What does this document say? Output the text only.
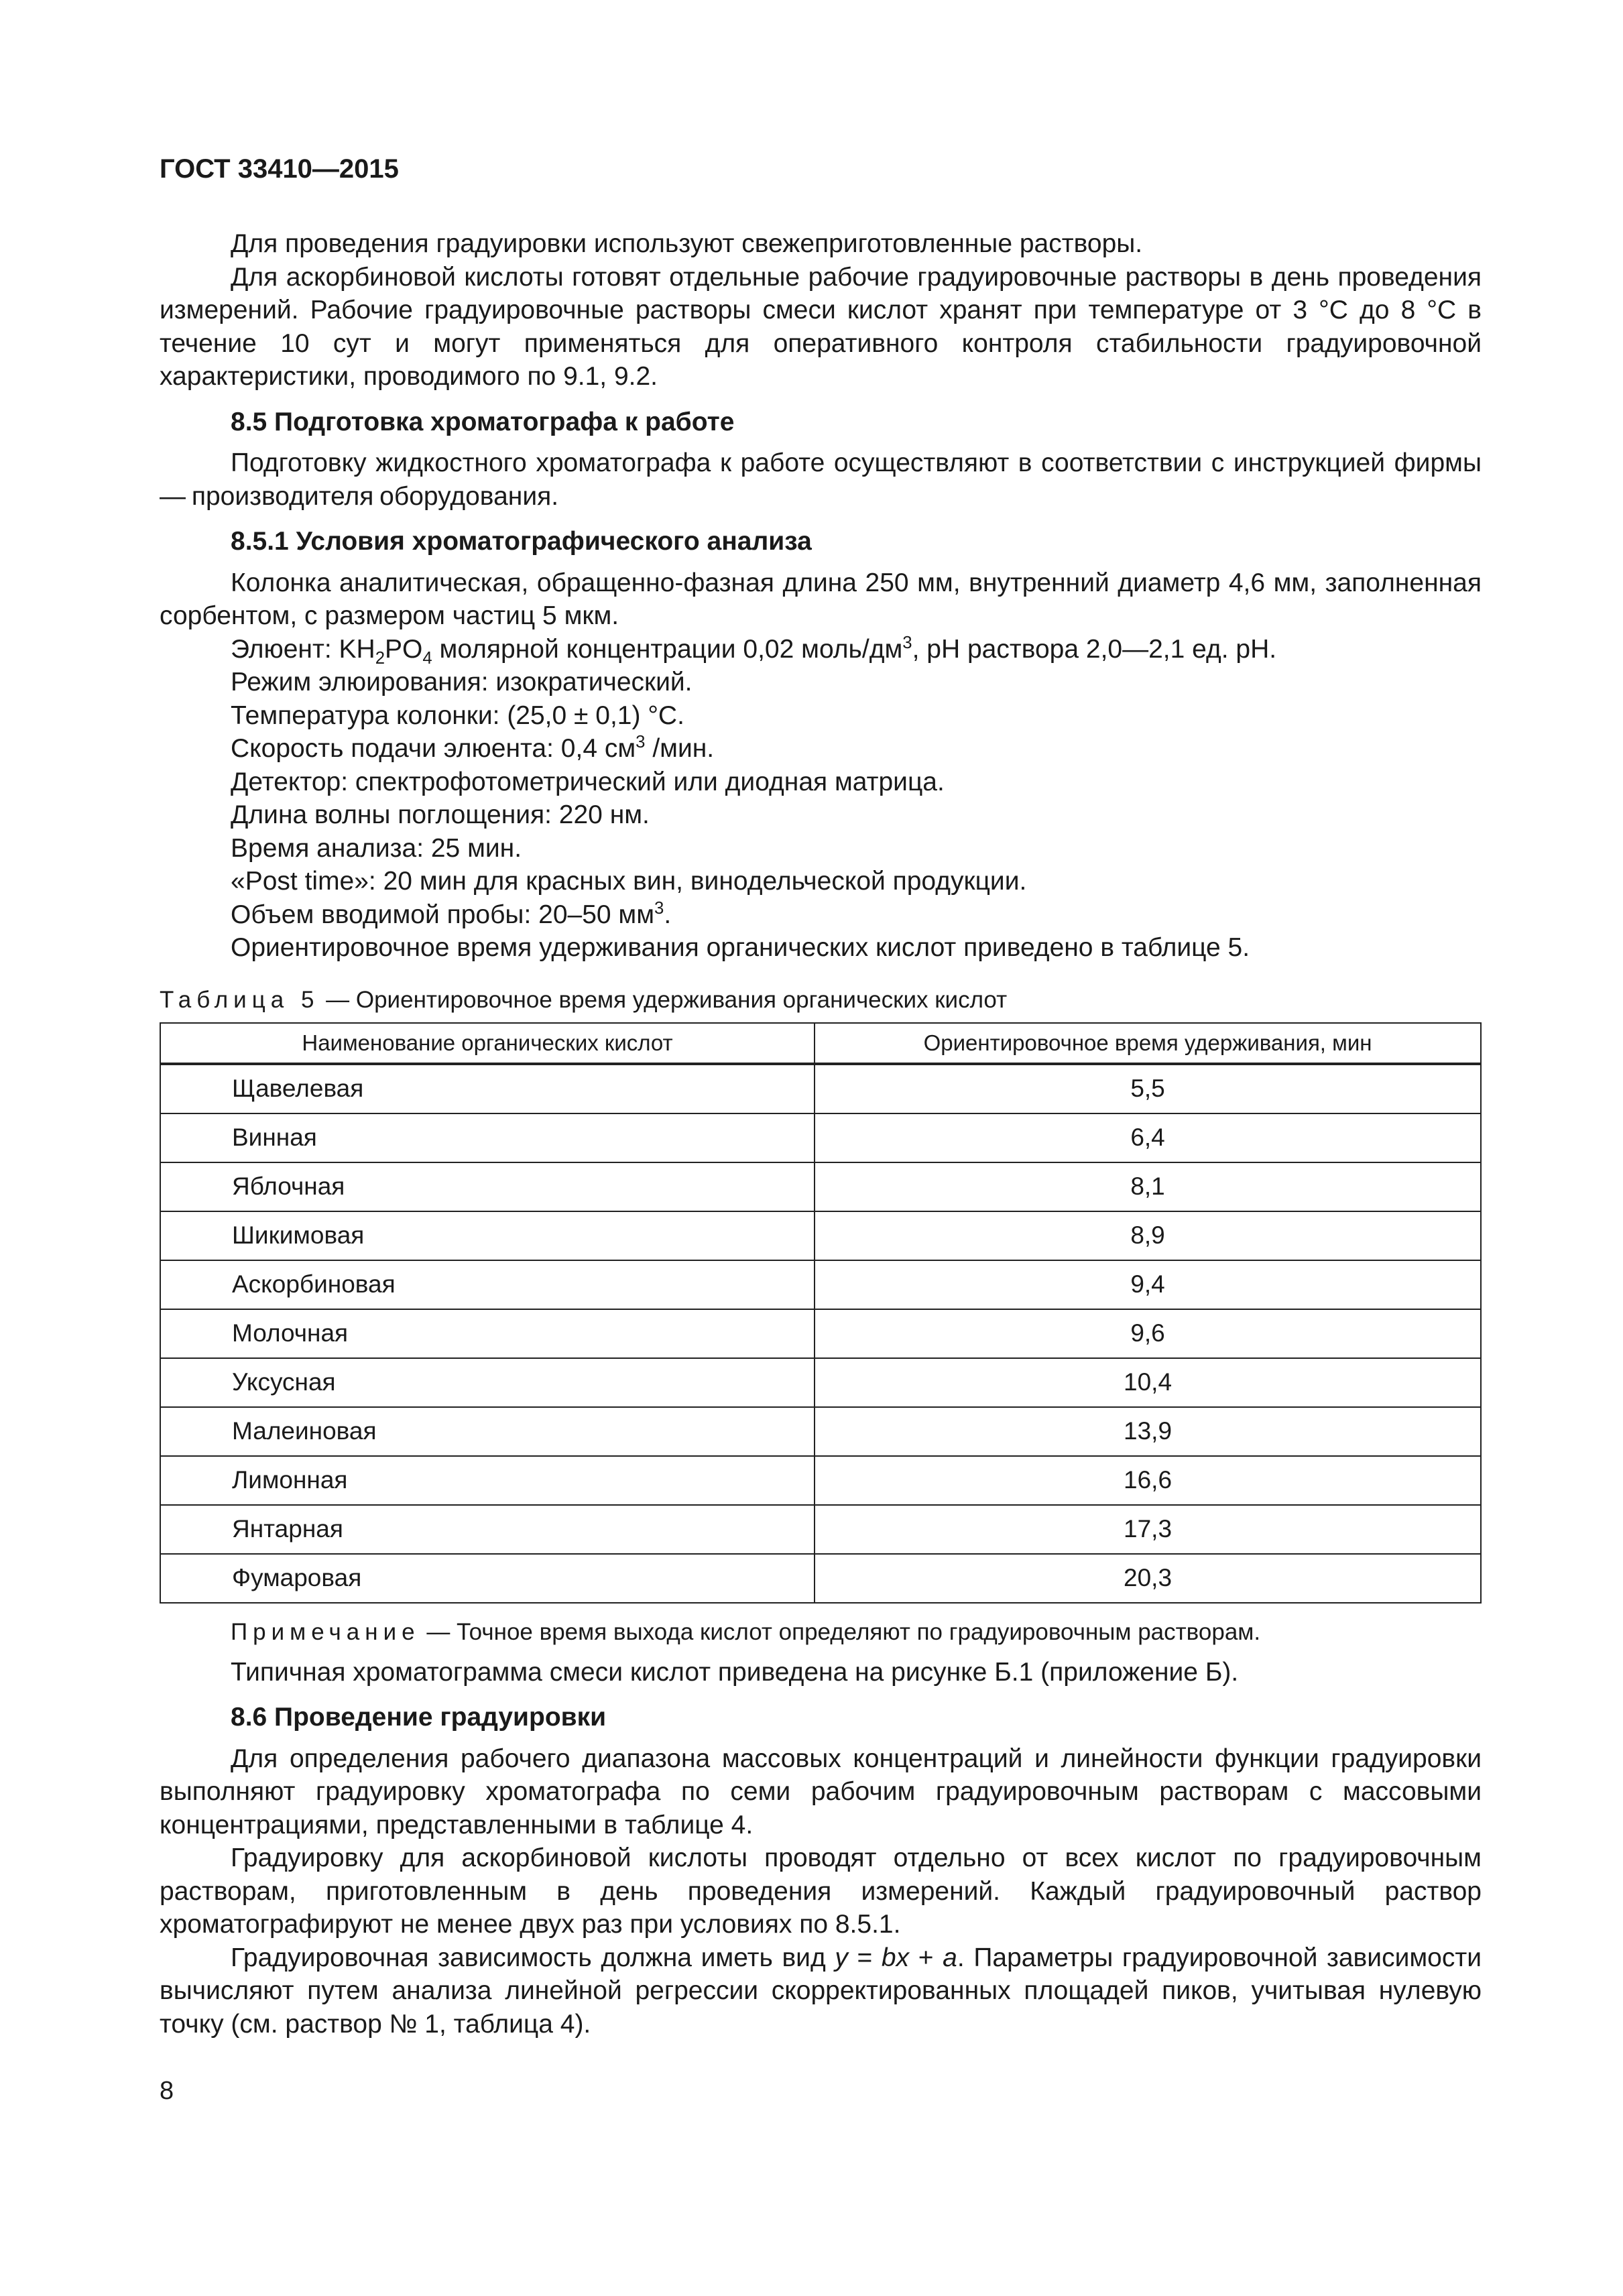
ГОСТ 33410—2015

Для проведения градуировки используют свежеприготовленные растворы.

Для аскорбиновой кислоты готовят отдельные рабочие градуировочные растворы в день проведения измерений. Рабочие градуировочные растворы смеси кислот хранят при температуре от 3 °С до 8 °С в течение 10 сут и могут применяться для оперативного контроля стабильности градуировочной характеристики, проводимого по 9.1, 9.2.

8.5 Подготовка хроматографа к работе

Подготовку жидкостного хроматографа к работе осуществляют в соответствии с инструкцией фирмы — производителя оборудования.

8.5.1 Условия хроматографического анализа

Колонка аналитическая, обращенно-фазная длина 250 мм, внутренний диаметр 4,6 мм, заполненная сорбентом, с размером частиц 5 мкм.

Элюент: $KH_2PO_4$ молярной концентрации 0,02 моль/$дм^3$, pH раствора 2,0—2,1 ед. pH.
Режим элюирования: изократический.
Температура колонки: (25,0 ± 0,1) °С.
Скорость подачи элюента: 0,4 $см^3$ /мин.
Детектор: спектрофотометрический или диодная матрица.
Длина волны поглощения: 220 нм.
Время анализа: 25 мин.
«Post time»: 20 мин для красных вин, винодельческой продукции.
Объем вводимой пробы: 20–50 $мм^3$.
Ориентировочное время удерживания органических кислот приведено в таблице 5.
Таблица 5 — Ориентировочное время удерживания органических кислот
Наименование органических кислот	Ориентировочное время удерживания, мин
Щавелевая	5,5
Винная	6,4
Яблочная	8,1
Шикимовая	8,9
Аскорбиновая	9,4
Молочная	9,6
Уксусная	10,4
Малеиновая	13,9
Лимонная	16,6
Янтарная	17,3
Фумаровая	20,3
Примечание — Точное время выхода кислот определяют по градуировочным растворам.

Типичная хроматограмма смеси кислот приведена на рисунке Б.1 (приложение Б).

8.6 Проведение градуировки

Для определения рабочего диапазона массовых концентраций и линейности функции градуировки выполняют градуировку хроматографа по семи рабочим градуировочным растворам с массовыми концентрациями, представленными в таблице 4.

Градуировку для аскорбиновой кислоты проводят отдельно от всех кислот по градуировочным растворам, приготовленным в день проведения измерений. Каждый градуировочный раствор хроматографируют не менее двух раз при условиях по 8.5.1.

Градуировочная зависимость должна иметь вид y = bx + a. Параметры градуировочной зависимости вычисляют путем анализа линейной регрессии скорректированных площадей пиков, учитывая нулевую точку (см. раствор № 1, таблица 4).

8
